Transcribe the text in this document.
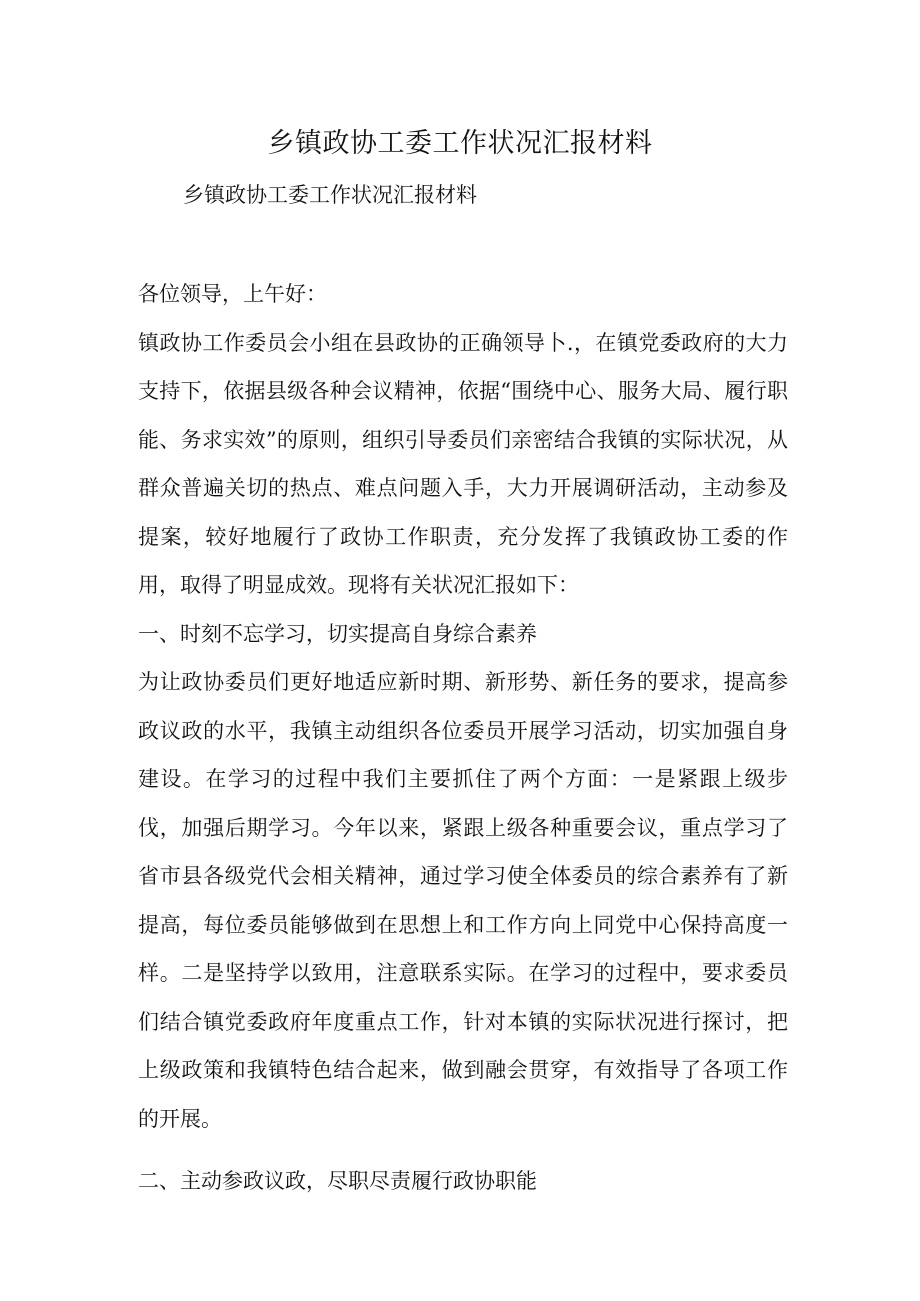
乡镇政协工委工作状况汇报材料

乡镇政协工委工作状况汇报材料

各位领导，上午好：

镇政协工作委员会小组在县政协的正确领导卜.，在镇党委政府的大力支持下，依据县级各种会议精神，依据“围绕中心、服务大局、履行职能、务求实效”的原则，组织引导委员们亲密结合我镇的实际状况，从群众普遍关切的热点、难点问题入手，大力开展调研活动，主动参及提案，较好地履行了政协工作职责，充分发挥了我镇政协工委的作用，取得了明显成效。现将有关状况汇报如下：

一、时刻不忘学习，切实提高自身综合素养

为让政协委员们更好地适应新时期、新形势、新任务的要求，提高参政议政的水平，我镇主动组织各位委员开展学习活动，切实加强自身建设。在学习的过程中我们主要抓住了两个方面：一是紧跟上级步伐，加强后期学习。今年以来，紧跟上级各种重要会议，重点学习了省市县各级党代会相关精神，通过学习使全体委员的综合素养有了新提高，每位委员能够做到在思想上和工作方向上同党中心保持高度一样。二是坚持学以致用，注意联系实际。在学习的过程中，要求委员们结合镇党委政府年度重点工作，针对本镇的实际状况进行探讨，把上级政策和我镇特色结合起来，做到融会贯穿，有效指导了各项工作的开展。

二、主动参政议政，尽职尽责履行政协职能
